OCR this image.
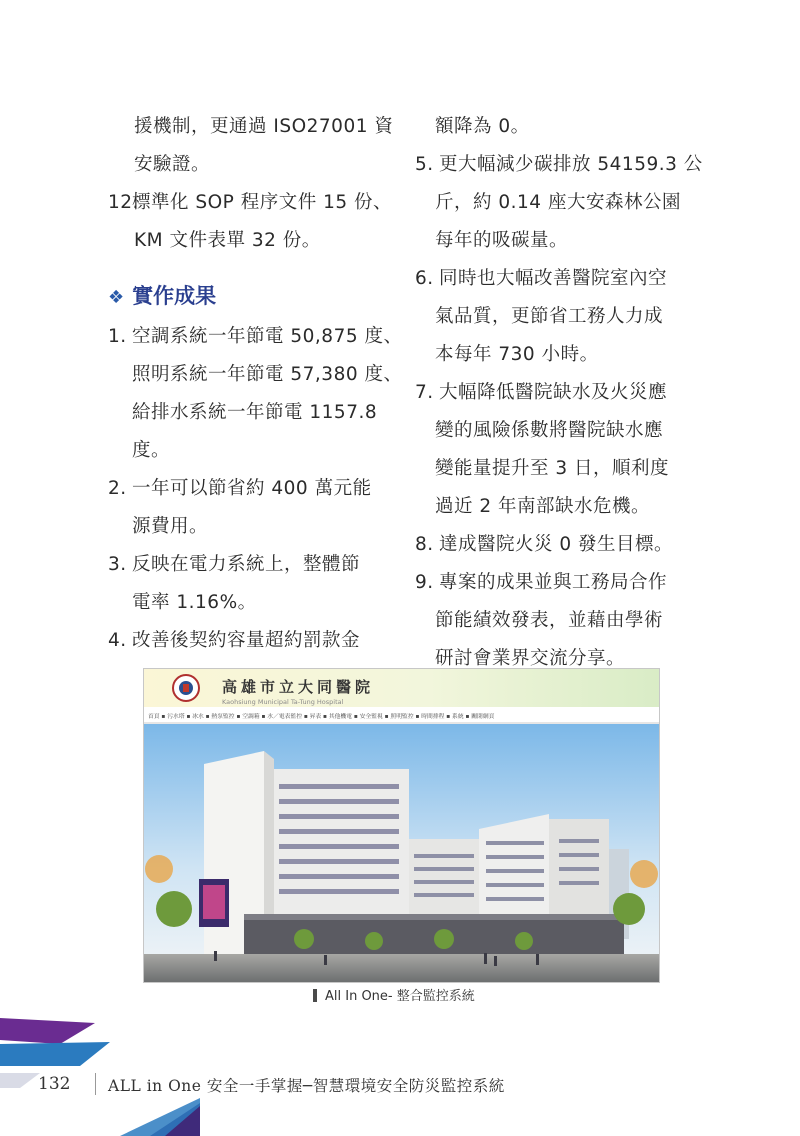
援機制，更通過 ISO27001 資
安驗證。
12.標準化 SOP 程序文件 15 份、
KM 文件表單 32 份。
❖ 實作成果
1. 空調系統一年節電 50,875 度、
照明系統一年節電 57,380 度、
給排水系統一年節電 1157.8
度。
2. 一年可以節省約 400 萬元能
源費用。
3. 反映在電力系統上，整體節
電率 1.16%。
4. 改善後契約容量超約罰款金
額降為 0。
5. 更大幅減少碳排放 54159.3 公
斤，約 0.14 座大安森林公園
每年的吸碳量。
6. 同時也大幅改善醫院室內空
氣品質，更節省工務人力成
本每年 730 小時。
7. 大幅降低醫院缺水及火災應
變的風險係數將醫院缺水應
變能量提升至 3 日，順利度
過近 2 年南部缺水危機。
8. 達成醫院火災 0 發生目標。
9. 專案的成果並與工務局合作
節能績效發表，並藉由學術
研討會業界交流分享。
高雄市立大同醫院
Kaohsiung Municipal Ta-Tung Hospital
首頁 ▪ 污水塔 ▪ 冰水 ▪ 熱泵監控 ▪ 空調箱 ▪ 水／電表監控 ▪ 昇表 ▪ 其他機電 ▪ 安全監視 ▪ 照明監控 ▪ 時間排程 ▪ 系統 ▪ 關閉網頁
All In One- 整合監控系統
132 ALL in One 安全一手掌握─智慧環境安全防災監控系統
